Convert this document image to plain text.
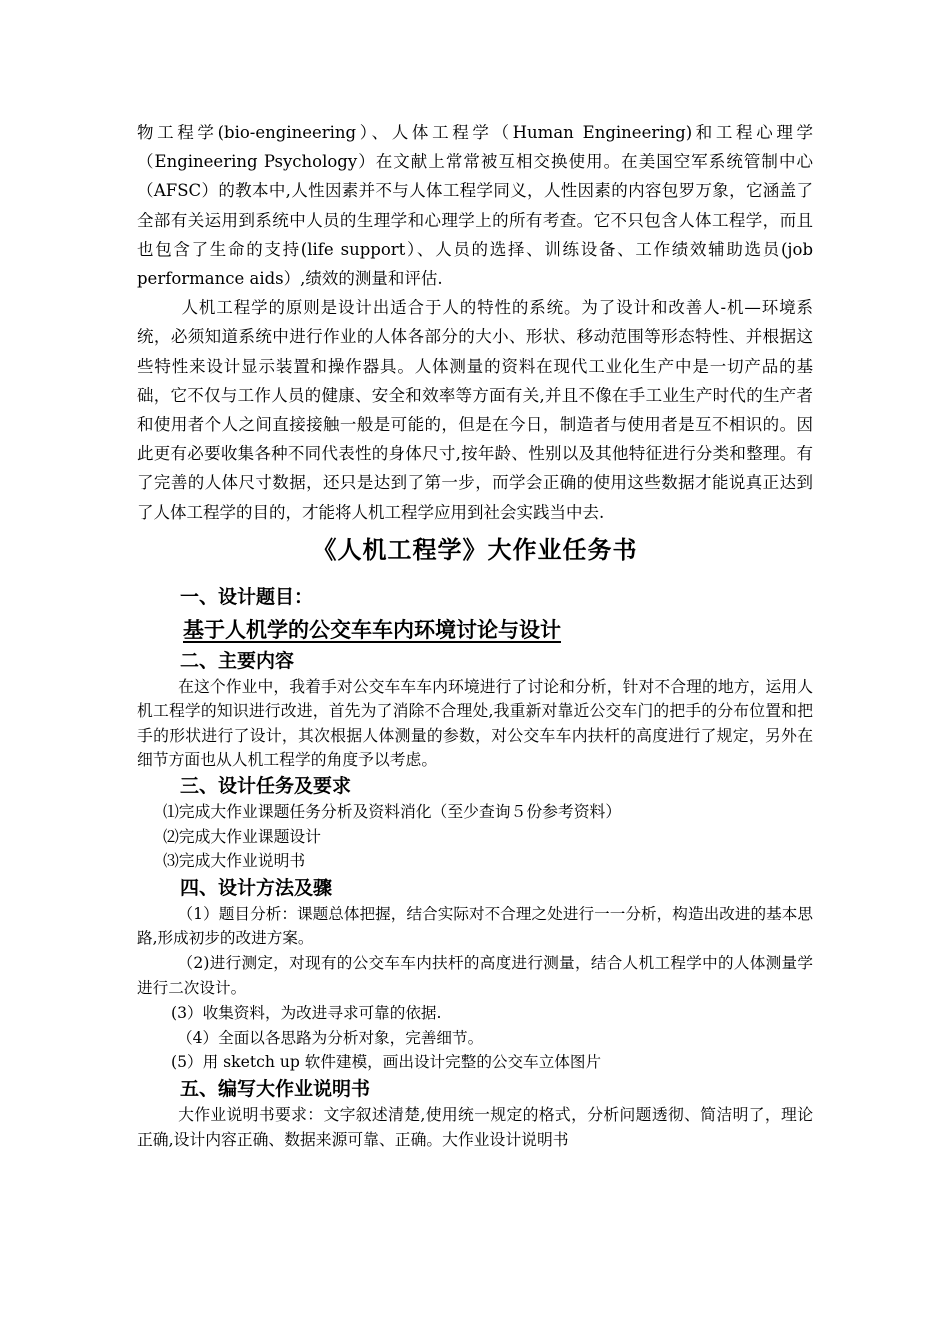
物工程学(bio-engineering）、人体工程学（Human Engineering)和工程心理学（Engineering Psychology）在文献上常常被互相交换使用。在美国空军系统管制中心（AFSC）的教本中,人性因素并不与人体工程学同义，人性因素的内容包罗万象，它涵盖了全部有关运用到系统中人员的生理学和心理学上的所有考查。它不只包含人体工程学，而且也包含了生命的支持(life support）、人员的选择、训练设备、工作绩效辅助选员(job performance aids）,绩效的测量和评估.

人机工程学的原则是设计出适合于人的特性的系统。为了设计和改善人-机—环境系统，必须知道系统中进行作业的人体各部分的大小、形状、移动范围等形态特性、并根据这些特性来设计显示装置和操作器具。人体测量的资料在现代工业化生产中是一切产品的基础，它不仅与工作人员的健康、安全和效率等方面有关,并且不像在手工业生产时代的生产者和使用者个人之间直接接触一般是可能的，但是在今日，制造者与使用者是互不相识的。因此更有必要收集各种不同代表性的身体尺寸,按年龄、性别以及其他特征进行分类和整理。有了完善的人体尺寸数据，还只是达到了第一步，而学会正确的使用这些数据才能说真正达到了人体工程学的目的，才能将人机工程学应用到社会实践当中去.

《人机工程学》大作业任务书
一、设计题目：
基于人机学的公交车车内环境讨论与设计
二、主要内容

在这个作业中，我着手对公交车车车内环境进行了讨论和分析，针对不合理的地方，运用人机工程学的知识进行改进，首先为了消除不合理处,我重新对靠近公交车门的把手的分布位置和把手的形状进行了设计，其次根据人体测量的参数，对公交车车内扶杆的高度进行了规定，另外在细节方面也从人机工程学的角度予以考虑。

三、设计任务及要求

⑴完成大作业课题任务分析及资料消化（至少查询５份参考资料）

⑵完成大作业课题设计

⑶完成大作业说明书

四、设计方法及骤

（1）题目分析：课题总体把握，结合实际对不合理之处进行一一分析，构造出改进的基本思路,形成初步的改进方案。

（2)进行测定，对现有的公交车车内扶杆的高度进行测量，结合人机工程学中的人体测量学进行二次设计。

(3）收集资料，为改进寻求可靠的依据.

（4）全面以各思路为分析对象，完善细节。

(5）用 sketch up 软件建模，画出设计完整的公交车立体图片

五、编写大作业说明书

大作业说明书要求：文字叙述清楚,使用统一规定的格式，分析问题透彻、简洁明了，理论正确,设计内容正确、数据来源可靠、正确。大作业设计说明书
